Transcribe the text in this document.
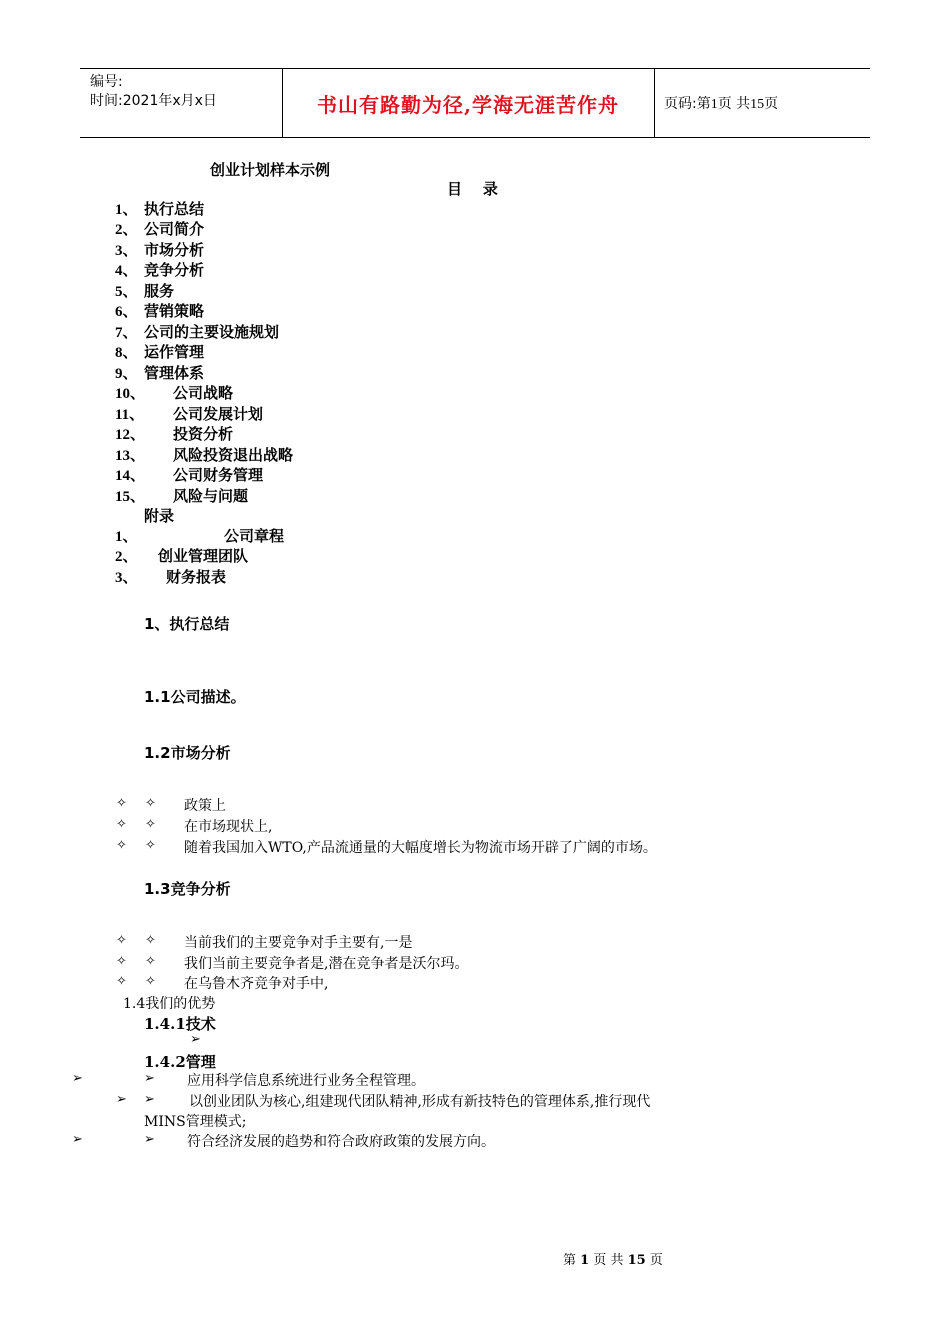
编号:
时间:2021年x月x日	书山有路勤为径,学海无涯苦作舟	页码:第1页 共15页
创业计划样本示例
目    录
1、 执行总结
2、 公司简介
3、 市场分析
4、 竞争分析
5、 服务
6、 营销策略
7、 公司的主要设施规划
8、 运作管理
9、 管理体系
10、 公司战略
11、 公司发展计划
12、 投资分析
13、 风险投资退出战略
14、 公司财务管理
15、 风险与问题
附录
1、	公司章程
2、 创业管理团队
3、 财务报表
1、执行总结
1.1公司描述。
1.2市场分析
✧ ✧ 政策上
✧ ✧ 在市场现状上,
✧ ✧ 随着我国加入WTO,产品流通量的大幅度增长为物流市场开辟了广阔的市场。
1.3竞争分析
✧ ✧ 当前我们的主要竞争对手主要有,一是
✧ ✧ 我们当前主要竞争者是,潜在竞争者是沃尔玛。
✧ ✧ 在乌鲁木齐竞争对手中,
1.4我们的优势
1.4.1技术
➢
1.4.2管理
➢	➢ 应用科学信息系统进行业务全程管理。
➢ ➢ 以创业团队为核心,组建现代团队精神,形成有新技特色的管理体系,推行现代
MINS管理模式;
➢	➢ 符合经济发展的趋势和符合政府政策的发展方向。
第 1 页 共 15 页
